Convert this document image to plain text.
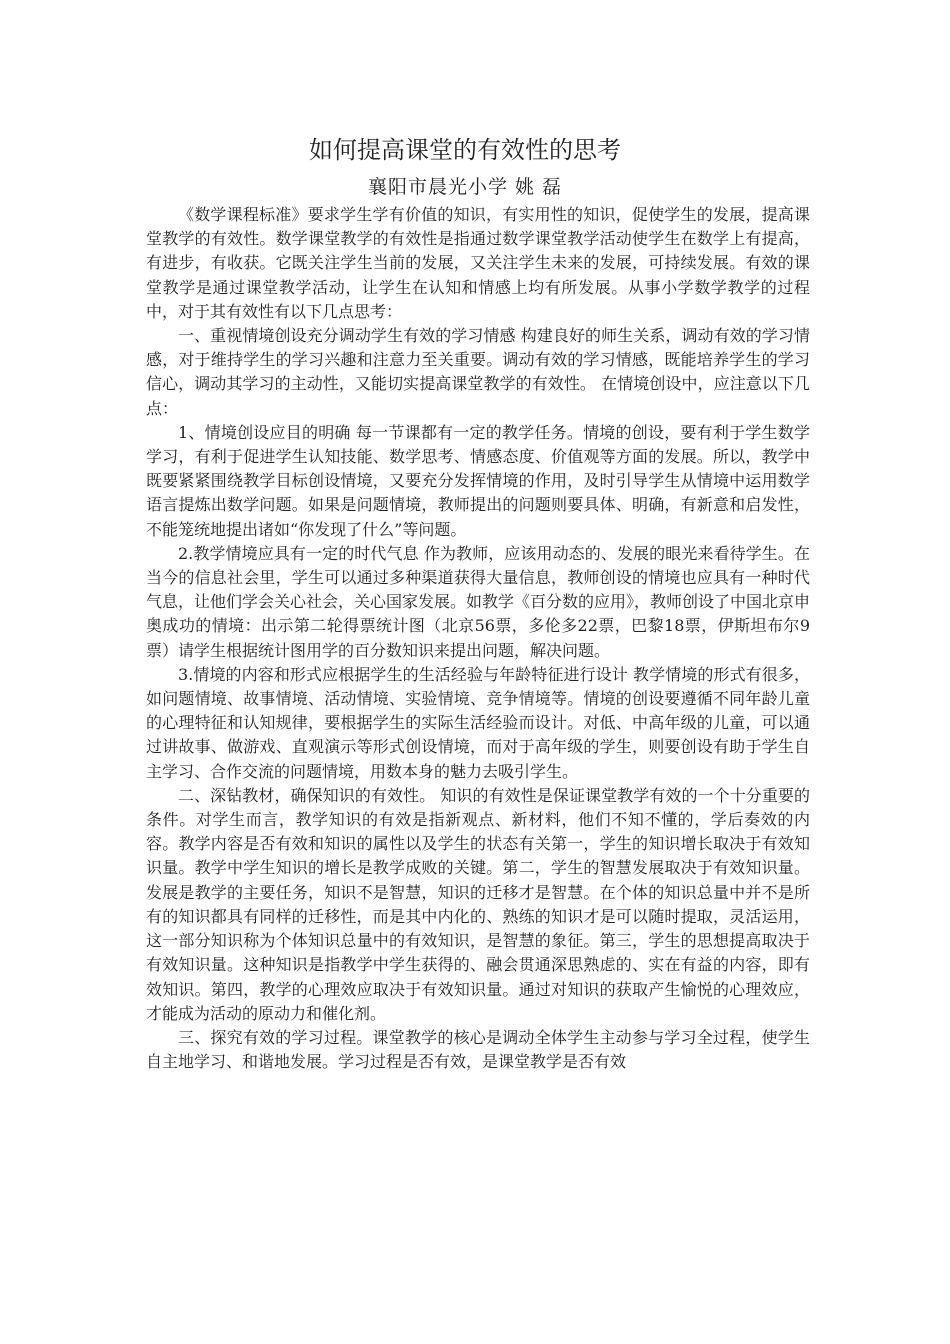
如何提高课堂的有效性的思考
襄阳市晨光小学 姚 磊

《数学课程标准》要求学生学有价值的知识，有实用性的知识，促使学生的发展，提高课堂教学的有效性。数学课堂教学的有效性是指通过数学课堂教学活动使学生在数学上有提高，有进步，有收获。它既关注学生当前的发展，又关注学生未来的发展，可持续发展。有效的课堂教学是通过课堂教学活动，让学生在认知和情感上均有所发展。从事小学数学教学的过程中，对于其有效性有以下几点思考：

一、重视情境创设充分调动学生有效的学习情感 构建良好的师生关系，调动有效的学习情感，对于维持学生的学习兴趣和注意力至关重要。调动有效的学习情感，既能培养学生的学习信心，调动其学习的主动性，又能切实提高课堂教学的有效性。 在情境创设中，应注意以下几点：

1、情境创设应目的明确 每一节课都有一定的教学任务。情境的创设，要有利于学生数学学习，有利于促进学生认知技能、数学思考、情感态度、价值观等方面的发展。所以，教学中既要紧紧围绕教学目标创设情境，又要充分发挥情境的作用，及时引导学生从情境中运用数学语言提炼出数学问题。如果是问题情境，教师提出的问题则要具体、明确，有新意和启发性，不能笼统地提出诸如“你发现了什么”等问题。

2.教学情境应具有一定的时代气息 作为教师，应该用动态的、发展的眼光来看待学生。在当今的信息社会里，学生可以通过多种渠道获得大量信息，教师创设的情境也应具有一种时代气息，让他们学会关心社会，关心国家发展。如教学《百分数的应用》，教师创设了中国北京申奥成功的情境：出示第二轮得票统计图（北京56票，多伦多22票，巴黎18票，伊斯坦布尔9票）请学生根据统计图用学的百分数知识来提出问题，解决问题。

3.情境的内容和形式应根据学生的生活经验与年龄特征进行设计 教学情境的形式有很多，如问题情境、故事情境、活动情境、实验情境、竞争情境等。情境的创设要遵循不同年龄儿童的心理特征和认知规律，要根据学生的实际生活经验而设计。对低、中高年级的儿童，可以通过讲故事、做游戏、直观演示等形式创设情境，而对于高年级的学生，则要创设有助于学生自主学习、合作交流的问题情境，用数本身的魅力去吸引学生。

二、深钻教材，确保知识的有效性。 知识的有效性是保证课堂教学有效的一个十分重要的条件。对学生而言，教学知识的有效是指新观点、新材料，他们不知不懂的，学后奏效的内容。教学内容是否有效和知识的属性以及学生的状态有关第一，学生的知识增长取决于有效知识量。教学中学生知识的增长是教学成败的关键。第二，学生的智慧发展取决于有效知识量。发展是教学的主要任务，知识不是智慧，知识的迁移才是智慧。在个体的知识总量中并不是所有的知识都具有同样的迁移性，而是其中内化的、熟练的知识才是可以随时提取，灵活运用，这一部分知识称为个体知识总量中的有效知识，是智慧的象征。第三，学生的思想提高取决于有效知识量。这种知识是指教学中学生获得的、融会贯通深思熟虑的、实在有益的内容，即有效知识。第四，教学的心理效应取决于有效知识量。通过对知识的获取产生愉悦的心理效应，才能成为活动的原动力和催化剂。

三、探究有效的学习过程。课堂教学的核心是调动全体学生主动参与学习全过程，使学生自主地学习、和谐地发展。学习过程是否有效，是课堂教学是否有效
